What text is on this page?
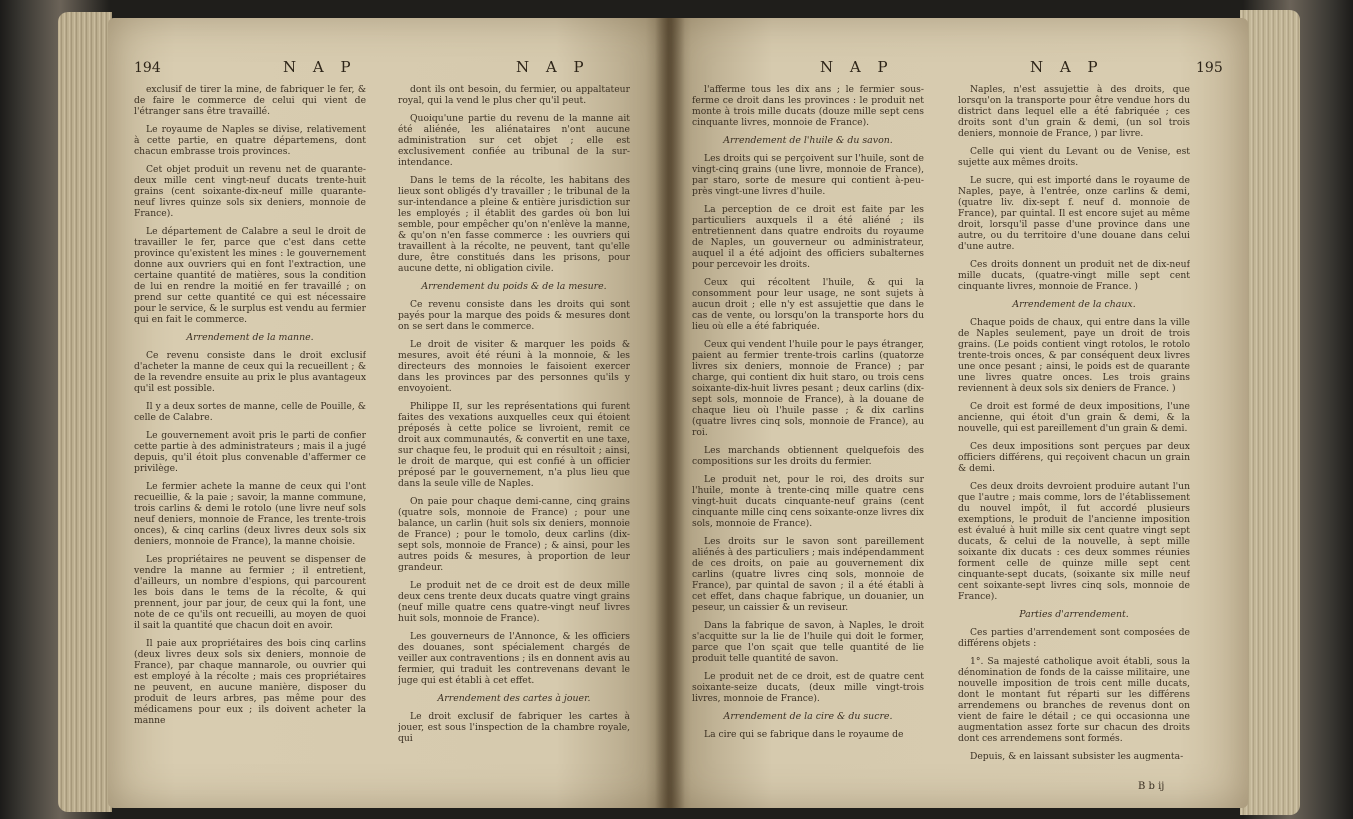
194	N A P	N A P	N A P	N A P	195

exclusif de tirer la mine, de fabriquer le fer, & de faire le commerce de celui qui vient de l'étranger sans être travaillé.

Le royaume de Naples se divise, relativement à cette partie, en quatre départemens, dont chacun embrasse trois provinces.

Cet objet produit un revenu net de quarante-deux mille cent vingt-neuf ducats trente-huit grains (cent soixante-dix-neuf mille quarante-neuf livres quinze sols six deniers, monnoie de France).

Le département de Calabre a seul le droit de travailler le fer, parce que c'est dans cette province qu'existent les mines : le gouvernement donne aux ouvriers qui en font l'extraction, une certaine quantité de matières, sous la condition de lui en rendre la moitié en fer travaillé ; on prend sur cette quantité ce qui est nécessaire pour le service, & le surplus est vendu au fermier qui en fait le commerce.

Arrendement de la manne.

Ce revenu consiste dans le droit exclusif d'acheter la manne de ceux qui la recueillent ; & de la revendre ensuite au prix le plus avantageux qu'il est possible.

Il y a deux sortes de manne, celle de Pouille, & celle de Calabre.

Le gouvernement avoit pris le parti de confier cette partie à des administrateurs ; mais il a jugé depuis, qu'il étoit plus convenable d'affermer ce privilège.

Le fermier achete la manne de ceux qui l'ont recueillie, & la paie ; savoir, la manne commune, trois carlins & demi le rotolo (une livre neuf sols neuf deniers, monnoie de France, les trente-trois onces), & cinq carlins (deux livres deux sols six deniers, monnoie de France), la manne choisie.

Les propriétaires ne peuvent se dispenser de vendre la manne au fermier ; il entretient, d'ailleurs, un nombre d'espions, qui parcourent les bois dans le tems de la récolte, & qui prennent, jour par jour, de ceux qui la font, une note de ce qu'ils ont recueilli, au moyen de quoi il sait la quantité que chacun doit en avoir.

Il paie aux propriétaires des bois cinq carlins (deux livres deux sols six deniers, monnoie de France), par chaque mannarole, ou ouvrier qui est employé à la récolte ; mais ces propriétaires ne peuvent, en aucune manière, disposer du produit de leurs arbres, pas même pour des médicamens pour eux ; ils doivent acheter la manne

dont ils ont besoin, du fermier, ou appaltateur royal, qui la vend le plus cher qu'il peut.

Quoiqu'une partie du revenu de la manne ait été aliénée, les aliénataires n'ont aucune administration sur cet objet ; elle est exclusivement confiée au tribunal de la sur-intendance.

Dans le tems de la récolte, les habitans des lieux sont obligés d'y travailler ; le tribunal de la sur-intendance a pleine & entière jurisdiction sur les employés ; il établit des gardes où bon lui semble, pour empêcher qu'on n'enlève la manne, & qu'on n'en fasse commerce : les ouvriers qui travaillent à la récolte, ne peuvent, tant qu'elle dure, être constitués dans les prisons, pour aucune dette, ni obligation civile.

Arrendement du poids & de la mesure.

Ce revenu consiste dans les droits qui sont payés pour la marque des poids & mesures dont on se sert dans le commerce.

Le droit de visiter & marquer les poids & mesures, avoit été réuni à la monnoie, & les directeurs des monnoies le faisoient exercer dans les provinces par des personnes qu'ils y envoyoient.

Philippe II, sur les représentations qui furent faites des vexations auxquelles ceux qui étoient préposés à cette police se livroient, remit ce droit aux communautés, & convertit en une taxe, sur chaque feu, le produit qui en résultoit ; ainsi, le droit de marque, qui est confié à un officier préposé par le gouvernement, n'a plus lieu que dans la seule ville de Naples.

On paie pour chaque demi-canne, cinq grains (quatre sols, monnoie de France) ; pour une balance, un carlin (huit sols six deniers, monnoie de France) ; pour le tomolo, deux carlins (dix-sept sols, monnoie de France) ; & ainsi, pour les autres poids & mesures, à proportion de leur grandeur.

Le produit net de ce droit est de deux mille deux cens trente deux ducats quatre vingt grains (neuf mille quatre cens quatre-vingt neuf livres huit sols, monnoie de France).

Les gouverneurs de l'Annonce, & les officiers des douanes, sont spécialement chargés de veiller aux contraventions ; ils en donnent avis au fermier, qui traduit les contrevenans devant le juge qui est établi à cet effet.

Arrendement des cartes à jouer.

Le droit exclusif de fabriquer les cartes à jouer, est sous l'inspection de la chambre royale, qui

l'afferme tous les dix ans ; le fermier sous-ferme ce droit dans les provinces : le produit net monte à trois mille ducats (douze mille sept cens cinquante livres, monnoie de France).

Arrendement de l'huile & du savon.

Les droits qui se perçoivent sur l'huile, sont de vingt-cinq grains (une livre, monnoie de France), par staro, sorte de mesure qui contient à-peu-près vingt-une livres d'huile.

La perception de ce droit est faite par les particuliers auxquels il a été aliéné ; ils entretiennent dans quatre endroits du royaume de Naples, un gouverneur ou administrateur, auquel il a été adjoint des officiers subalternes pour percevoir les droits.

Ceux qui récoltent l'huile, & qui la consomment pour leur usage, ne sont sujets à aucun droit ; elle n'y est assujettie que dans le cas de vente, ou lorsqu'on la transporte hors du lieu où elle a été fabriquée.

Ceux qui vendent l'huile pour le pays étranger, paient au fermier trente-trois carlins (quatorze livres six deniers, monnoie de France) ; par charge, qui contient dix huit staro, ou trois cens soixante-dix-huit livres pesant ; deux carlins (dix-sept sols, monnoie de France), à la douane de chaque lieu où l'huile passe ; & dix carlins (quatre livres cinq sols, monnoie de France), au roi.

Les marchands obtiennent quelquefois des compositions sur les droits du fermier.

Le produit net, pour le roi, des droits sur l'huile, monte à trente-cinq mille quatre cens vingt-huit ducats cinquante-neuf grains (cent cinquante mille cinq cens soixante-onze livres dix sols, monnoie de France).

Les droits sur le savon sont pareillement aliénés à des particuliers ; mais indépendamment de ces droits, on paie au gouvernement dix carlins (quatre livres cinq sols, monnoie de France), par quintal de savon ; il a été établi à cet effet, dans chaque fabrique, un douanier, un peseur, un caissier & un reviseur.

Dans la fabrique de savon, à Naples, le droit s'acquitte sur la lie de l'huile qui doit le former, parce que l'on sçait que telle quantité de lie produit telle quantité de savon.

Le produit net de ce droit, est de quatre cent soixante-seize ducats, (deux mille vingt-trois livres, monnoie de France).

Arrendement de la cire & du sucre.

La cire qui se fabrique dans le royaume de

Naples, n'est assujettie à des droits, que lorsqu'on la transporte pour être vendue hors du district dans lequel elle a été fabriquée ; ces droits sont d'un grain & demi, (un sol trois deniers, monnoie de France, ) par livre.

Celle qui vient du Levant ou de Venise, est sujette aux mêmes droits.

Le sucre, qui est importé dans le royaume de Naples, paye, à l'entrée, onze carlins & demi, (quatre liv. dix-sept f. neuf d. monnoie de France), par quintal. Il est encore sujet au même droit, lorsqu'il passe d'une province dans une autre, ou du territoire d'une douane dans celui d'une autre.

Ces droits donnent un produit net de dix-neuf mille ducats, (quatre-vingt mille sept cent cinquante livres, monnoie de France. )

Arrendement de la chaux.

Chaque poids de chaux, qui entre dans la ville de Naples seulement, paye un droit de trois grains. (Le poids contient vingt rotolos, le rotolo trente-trois onces, & par conséquent deux livres une once pesant ; ainsi, le poids est de quarante une livres quatre onces. Les trois grains reviennent à deux sols six deniers de France. )

Ce droit est formé de deux impositions, l'une ancienne, qui étoit d'un grain & demi, & la nouvelle, qui est pareillement d'un grain & demi.

Ces deux impositions sont perçues par deux officiers différens, qui reçoivent chacun un grain & demi.

Ces deux droits devroient produire autant l'un que l'autre ; mais comme, lors de l'établissement du nouvel impôt, il fut accordé plusieurs exemptions, le produit de l'ancienne imposition est évalué à huit mille six cent quatre vingt sept ducats, & celui de la nouvelle, à sept mille soixante dix ducats : ces deux sommes réunies forment celle de quinze mille sept cent cinquante-sept ducats, (soixante six mille neuf cent soixante-sept livres cinq sols, monnoie de France).

Parties d'arrendement.

Ces parties d'arrendement sont composées de différens objets :

1°. Sa majesté catholique avoit établi, sous la dénomination de fonds de la caisse militaire, une nouvelle imposition de trois cent mille ducats, dont le montant fut réparti sur les différens arrendemens ou branches de revenus dont on vient de faire le détail ; ce qui occasionna une augmentation assez forte sur chacun des droits dont ces arrendemens sont formés.

Depuis, & en laissant subsister les augmenta-

B b ij
